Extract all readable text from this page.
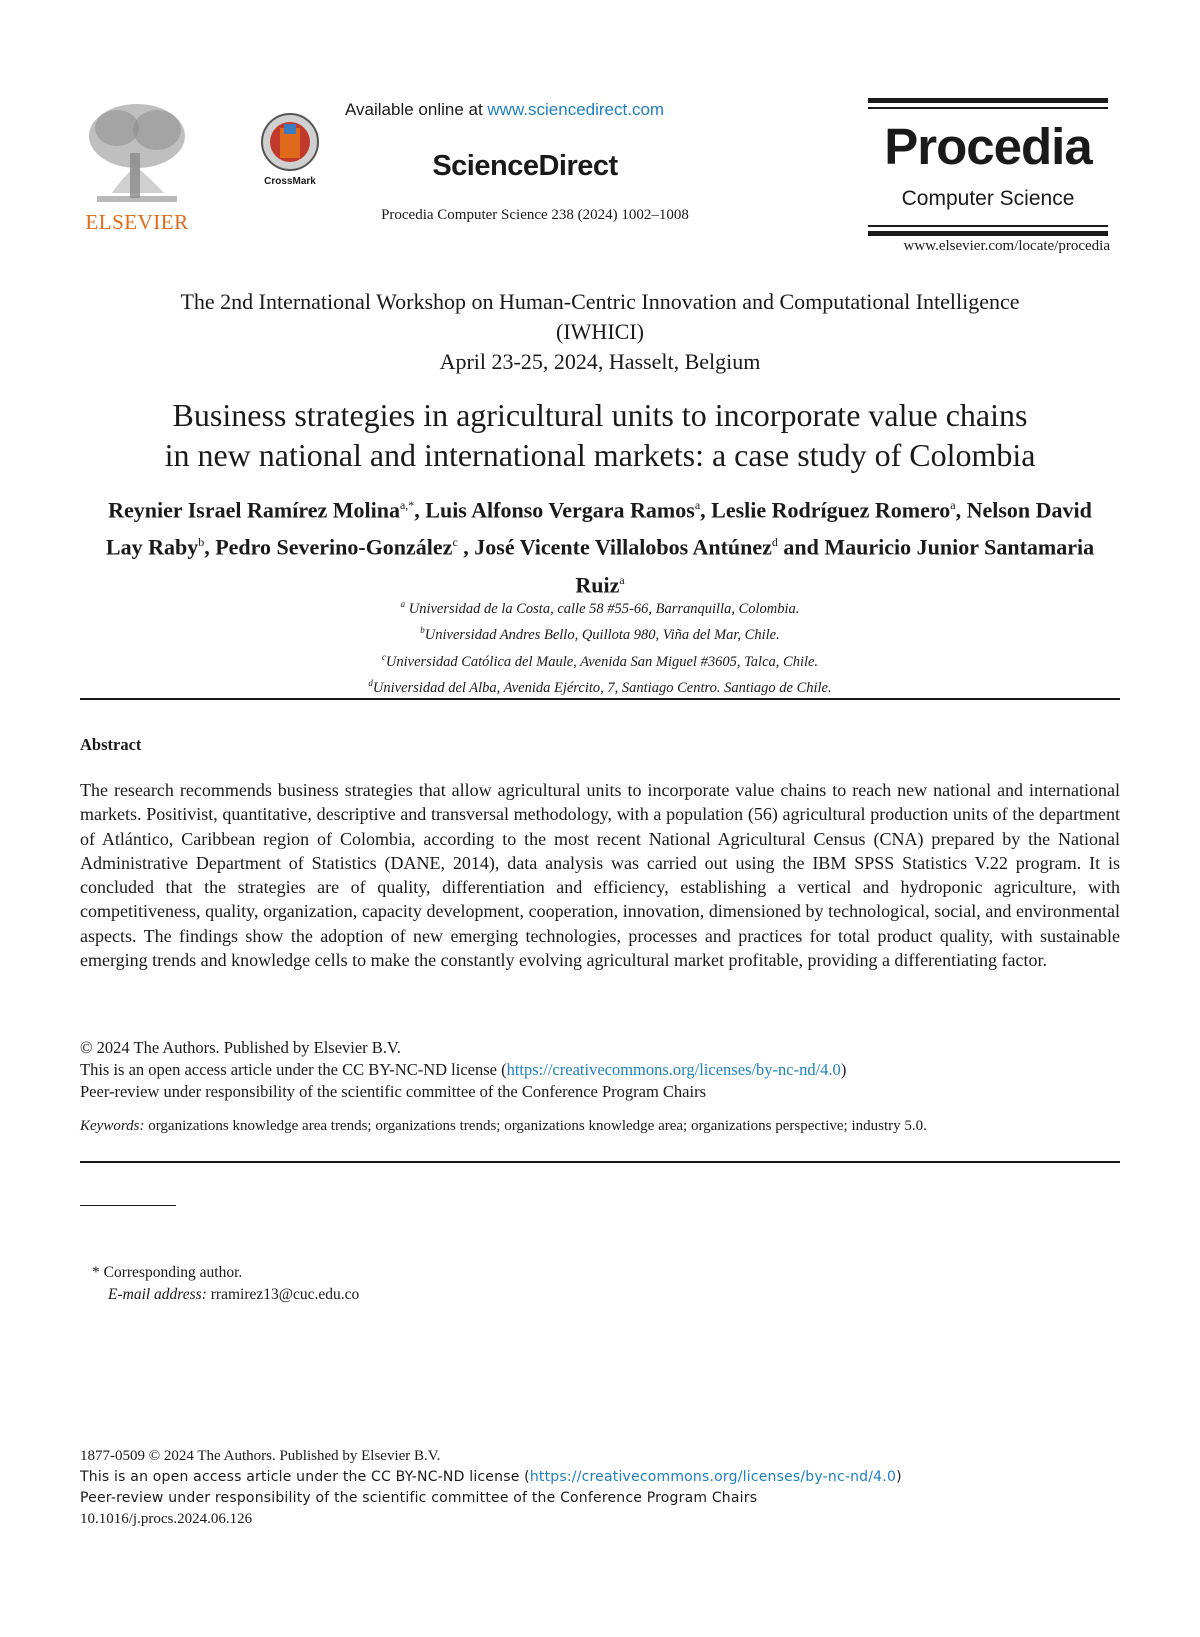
ELSEVIER
CrossMark
Available online at www.sciencedirect.com
ScienceDirect
Procedia Computer Science 238 (2024) 1002–1008
Procedia
Computer Science
www.elsevier.com/locate/procedia
The 2nd International Workshop on Human-Centric Innovation and Computational Intelligence
(IWHICI)
April 23-25, 2024, Hasselt, Belgium
Business strategies in agricultural units to incorporate value chains
in new national and international markets: a case study of Colombia
Reynier Israel Ramírez Molina$^{a,*}$, Luis Alfonso Vergara Ramos$^a$, Leslie Rodríguez Romero$^a$, Nelson David Lay Raby$^b$, Pedro Severino-González$^c$ , José Vicente Villalobos Antúnez$^d$ and Mauricio Junior Santamaria Ruiz$^a$
$^a$ Universidad de la Costa, calle 58 #55-66, Barranquilla, Colombia.
$^b$Universidad Andres Bello, Quillota 980, Viña del Mar, Chile.
$^c$Universidad Católica del Maule, Avenida San Miguel #3605, Talca, Chile.
$^d$Universidad del Alba, Avenida Ejército, 7, Santiago Centro. Santiago de Chile.
Abstract
The research recommends business strategies that allow agricultural units to incorporate value chains to reach new national and international markets. Positivist, quantitative, descriptive and transversal methodology, with a population (56) agricultural production units of the department of Atlántico, Caribbean region of Colombia, according to the most recent National Agricultural Census (CNA) prepared by the National Administrative Department of Statistics (DANE, 2014), data analysis was carried out using the IBM SPSS Statistics V.22 program. It is concluded that the strategies are of quality, differentiation and efficiency, establishing a vertical and hydroponic agriculture, with competitiveness, quality, organization, capacity development, cooperation, innovation, dimensioned by technological, social, and environmental aspects. The findings show the adoption of new emerging technologies, processes and practices for total product quality, with sustainable emerging trends and knowledge cells to make the constantly evolving agricultural market profitable, providing a differentiating factor.
© 2024 The Authors. Published by Elsevier B.V.
This is an open access article under the CC BY-NC-ND license (https://creativecommons.org/licenses/by-nc-nd/4.0)
Peer-review under responsibility of the scientific committee of the Conference Program Chairs
Keywords: organizations knowledge area trends; organizations trends; organizations knowledge area; organizations perspective; industry 5.0.
* Corresponding author.
E-mail address: rramirez13@cuc.edu.co
1877-0509 © 2024 The Authors. Published by Elsevier B.V.
This is an open access article under the CC BY-NC-ND license (https://creativecommons.org/licenses/by-nc-nd/4.0)
Peer-review under responsibility of the scientific committee of the Conference Program Chairs
10.1016/j.procs.2024.06.126
